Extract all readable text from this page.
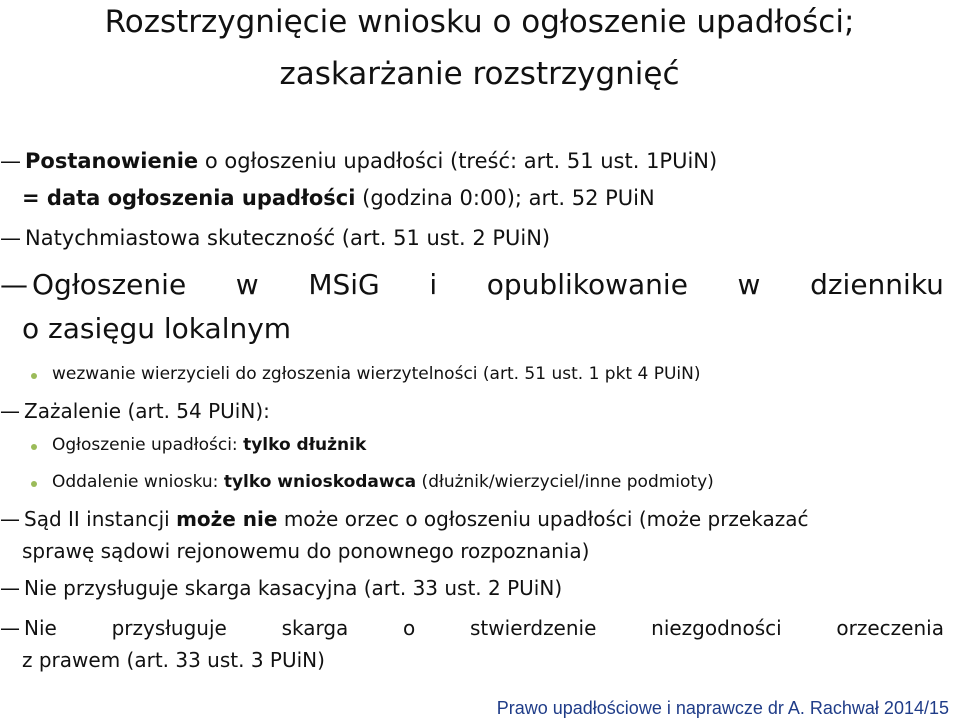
Rozstrzygnięcie wniosku o ogłoszenie upadłości;
zaskarżanie rozstrzygnięć
— Postanowienie o ogłoszeniu upadłości (treść: art. 51 ust. 1PUiN)
= data ogłoszenia upadłości (godzina 0:00); art. 52 PUiN
— Natychmiastowa skuteczność (art. 51 ust. 2 PUiN)
— Ogłoszenie w MSiG i opublikowanie w dzienniku
o zasięgu lokalnym
wezwanie wierzycieli do zgłoszenia wierzytelności (art. 51 ust. 1 pkt 4 PUiN)
— Zażalenie (art. 54 PUiN):
Ogłoszenie upadłości: tylko dłużnik
Oddalenie wniosku: tylko wnioskodawca (dłużnik/wierzyciel/inne podmioty)
— Sąd II instancji może nie może orzec o ogłoszeniu upadłości (może przekazać
sprawę sądowi rejonowemu do ponownego rozpoznania)
— Nie przysługuje skarga kasacyjna (art. 33 ust. 2 PUiN)
— Nie	przysługuje	skarga	o	stwierdzenie	niezgodności	orzeczenia
z prawem (art. 33 ust. 3 PUiN)
Prawo upadłościowe i naprawcze dr A. Rachwał 2014/15
